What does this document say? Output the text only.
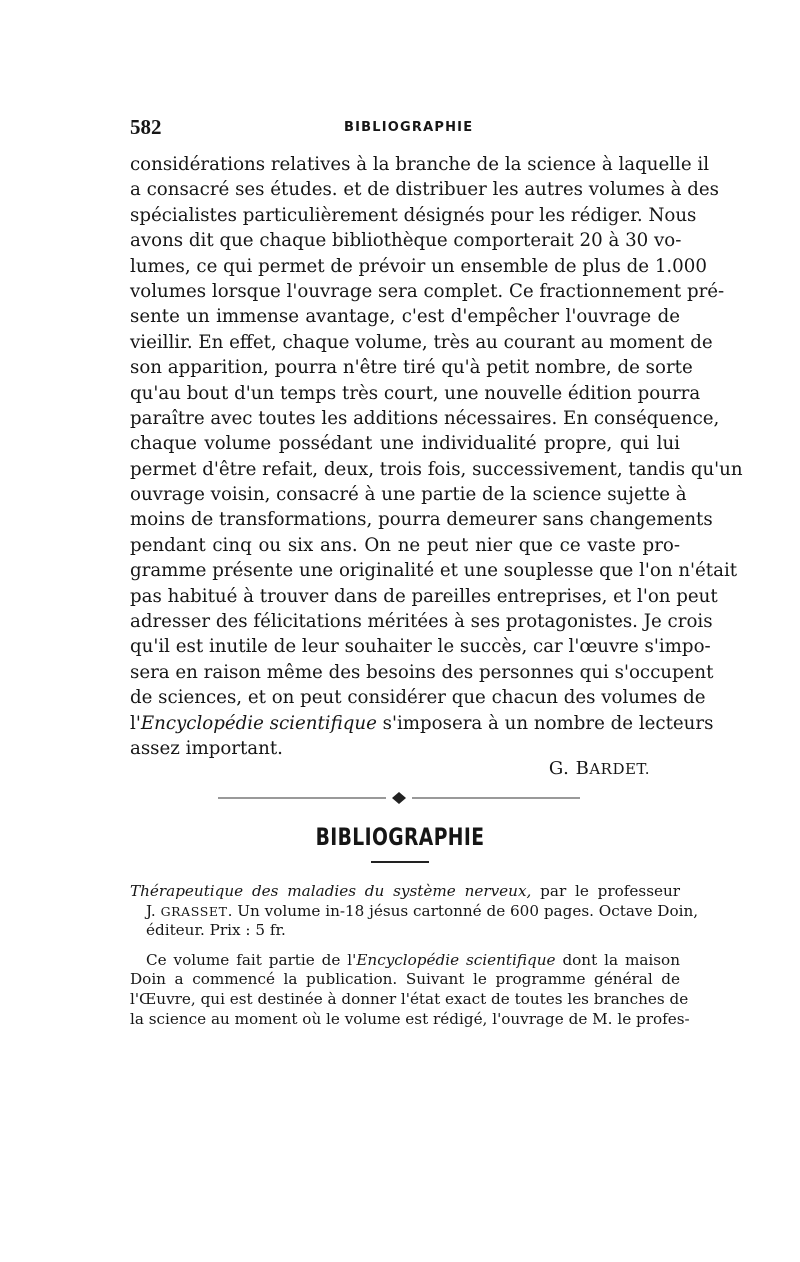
582	BIBLIOGRAPHIE
considérations relatives à la branche de la science à laquelle il
a consacré ses études. et de distribuer les autres volumes à des
spécialistes particulièrement désignés pour les rédiger. Nous
avons dit que chaque bibliothèque comporterait 20 à 30 vo-
lumes, ce qui permet de prévoir un ensemble de plus de 1.000
volumes lorsque l'ouvrage sera complet. Ce fractionnement pré-
sente un immense avantage, c'est d'empêcher l'ouvrage de
vieillir. En effet, chaque volume, très au courant au moment de
son apparition, pourra n'être tiré qu'à petit nombre, de sorte
qu'au bout d'un temps très court, une nouvelle édition pourra
paraître avec toutes les additions nécessaires. En conséquence,
chaque volume possédant une individualité propre, qui lui
permet d'être refait, deux, trois fois, successivement, tandis qu'un
ouvrage voisin, consacré à une partie de la science sujette à
moins de transformations, pourra demeurer sans changements
pendant cinq ou six ans. On ne peut nier que ce vaste pro-
gramme présente une originalité et une souplesse que l'on n'était
pas habitué à trouver dans de pareilles entreprises, et l'on peut
adresser des félicitations méritées à ses protagonistes. Je crois
qu'il est inutile de leur souhaiter le succès, car l'œuvre s'impo-
sera en raison même des besoins des personnes qui s'occupent
de sciences, et on peut considérer que chacun des volumes de
l'Encyclopédie scientifique s'imposera à un nombre de lecteurs
assez important.
G. BARDET.
BIBLIOGRAPHIE
Thérapeutique des maladies du système nerveux, par le professeur
J. GRASSET. Un volume in-18 jésus cartonné de 600 pages. Octave Doin,
éditeur. Prix : 5 fr.
Ce volume fait partie de l'Encyclopédie scientifique dont la maison
Doin a commencé la publication. Suivant le programme général de
l'Œuvre, qui est destinée à donner l'état exact de toutes les branches de
la science au moment où le volume est rédigé, l'ouvrage de M. le profes-
